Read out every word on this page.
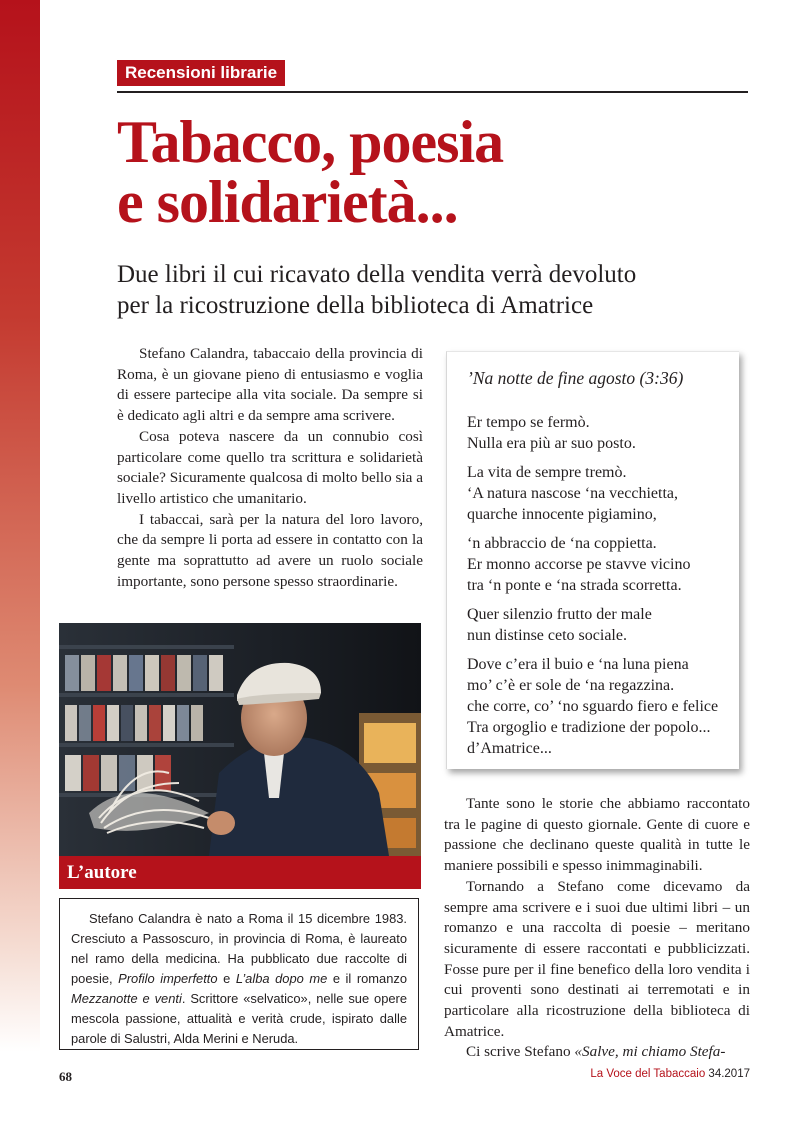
Recensioni librarie
Tabacco, poesia
e solidarietà...
Due libri il cui ricavato della vendita verrà devoluto
per la ricostruzione della biblioteca di Amatrice

Stefano Calandra, tabaccaio della provincia di Roma, è un giovane pieno di entusiasmo e voglia di essere partecipe alla vita sociale. Da sempre si è dedicato agli altri e da sempre ama scrivere.

Cosa poteva nascere da un connubio così particolare come quello tra scrittura e solidarietà sociale? Sicuramente qualcosa di molto bello sia a livello artistico che umanitario.

I tabaccai, sarà per la natura del loro lavoro, che da sempre li porta ad essere in contatto con la gente ma soprattutto ad avere un ruolo sociale importante, sono persone spesso straordinarie.

’Na notte de fine agosto (3:36)

Er tempo se fermò.
Nulla era più ar suo posto.

La vita de sempre tremò.
‘A natura nascose ‘na vecchietta,
quarche innocente pigiamino,

‘n abbraccio de ‘na coppietta.
Er monno accorse pe stavve vicino
tra ‘n ponte e ‘na strada scorretta.

Quer silenzio frutto der male
nun distinse ceto sociale.

Dove c’era il buio e ‘na luna piena
mo’ c’è er sole de ‘na regazzina.
che corre, co’ ‘no sguardo fiero e felice
Tra orgoglio e tradizione der popolo...
d’Amatrice...

L’autore

Stefano Calandra è nato a Roma il 15 dicembre 1983. Cresciuto a Passoscuro, in provincia di Roma, è laureato nel ramo della medicina. Ha pubblicato due raccolte di poesie, Profilo imperfetto e L’alba dopo me e il romanzo Mezzanotte e venti. Scrittore «selvatico», nelle sue opere mescola passione, attualità e verità crude, ispirato dalle parole di Salustri, Alda Merini e Neruda.

Tante sono le storie che abbiamo raccontato tra le pagine di questo giornale. Gente di cuore e passione che declinano queste qualità in tutte le maniere possibili e spesso inimmaginabili.

Tornando a Stefano come dicevamo da sempre ama scrivere e i suoi due ultimi libri – un romanzo e una raccolta di poesie – meritano sicuramente di essere raccontati e pubblicizzati. Fosse pure per il fine benefico della loro vendita i cui proventi sono destinati ai terremotati e in particolare alla ricostruzione della biblioteca di Amatrice.

Ci scrive Stefano «Salve, mi chiamo Stefa-

68	La Voce del Tabaccaio 34.2017
